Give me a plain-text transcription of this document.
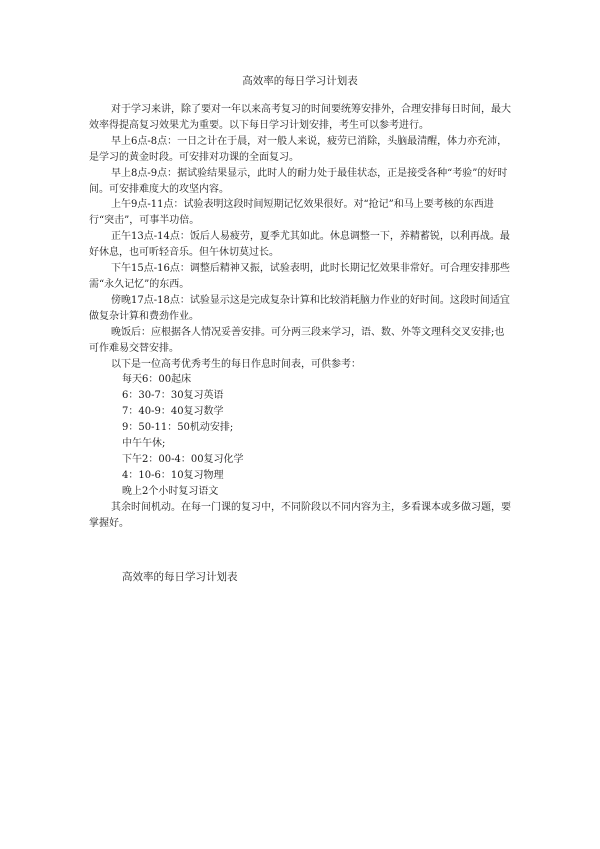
高效率的每日学习计划表

对于学习来讲，除了要对一年以来高考复习的时间要统筹安排外，合理安排每日时间，最大效率得提高复习效果尤为重要。以下每日学习计划安排，考生可以参考进行。

早上6点-8点：一日之计在于晨，对一般人来说，疲劳已消除，头脑最清醒，体力亦充沛，是学习的黄金时段。可安排对功课的全面复习。

早上8点-9点：据试验结果显示，此时人的耐力处于最佳状态，正是接受各种“考验”的好时间。可安排难度大的攻坚内容。

上午9点-11点：试验表明这段时间短期记忆效果很好。对“抢记”和马上要考核的东西进行“突击”，可事半功倍。

正午13点-14点：饭后人易疲劳，夏季尤其如此。休息调整一下，养精蓄锐，以利再战。最好休息，也可听轻音乐。但午休切莫过长。

下午15点-16点：调整后精神又振，试验表明，此时长期记忆效果非常好。可合理安排那些需“永久记忆”的东西。

傍晚17点-18点：试验显示这是完成复杂计算和比较消耗脑力作业的好时间。这段时间适宜做复杂计算和费劲作业。

晚饭后：应根据各人情况妥善安排。可分两三段来学习，语、数、外等文理科交叉安排;也可作难易交替安排。

以下是一位高考优秀考生的每日作息时间表，可供参考：

每天6：00起床

6：30-7：30复习英语

7：40-9：40复习数学

9：50-11：50机动安排;

中午午休;

下午2：00-4：00复习化学

4：10-6：10复习物理

晚上2个小时复习语文

其余时间机动。在每一门课的复习中，不同阶段以不同内容为主，多看课本或多做习题，要掌握好。

高效率的每日学习计划表
